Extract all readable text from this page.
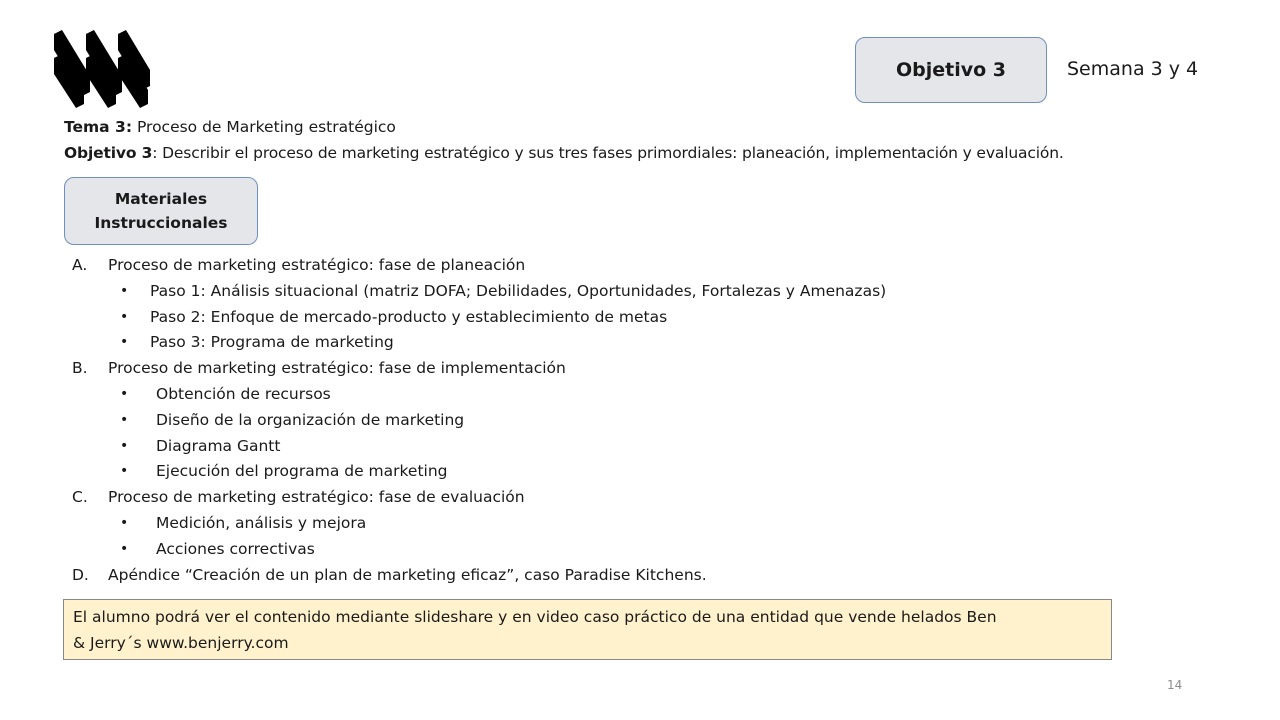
Objetivo 3	Semana 3 y 4
Tema 3: Proceso de Marketing estratégico
Objetivo 3: Describir el proceso de marketing estratégico y sus tres fases primordiales: planeación, implementación y evaluación.
Materiales
Instruccionales
A. Proceso de marketing estratégico: fase de planeación
• Paso 1: Análisis situacional (matriz DOFA; Debilidades, Oportunidades, Fortalezas y Amenazas)
• Paso 2: Enfoque de mercado-producto y establecimiento de metas
• Paso 3: Programa de marketing
B. Proceso de marketing estratégico: fase de implementación
• Obtención de recursos
• Diseño de la organización de marketing
• Diagrama Gantt
• Ejecución del programa de marketing
C. Proceso de marketing estratégico: fase de evaluación
• Medición, análisis y mejora
• Acciones correctivas
D. Apéndice “Creación de un plan de marketing eficaz”, caso Paradise Kitchens.
El alumno podrá ver el contenido mediante slideshare y en video caso práctico de una entidad que vende helados Ben
& Jerry´s www.benjerry.com
14
